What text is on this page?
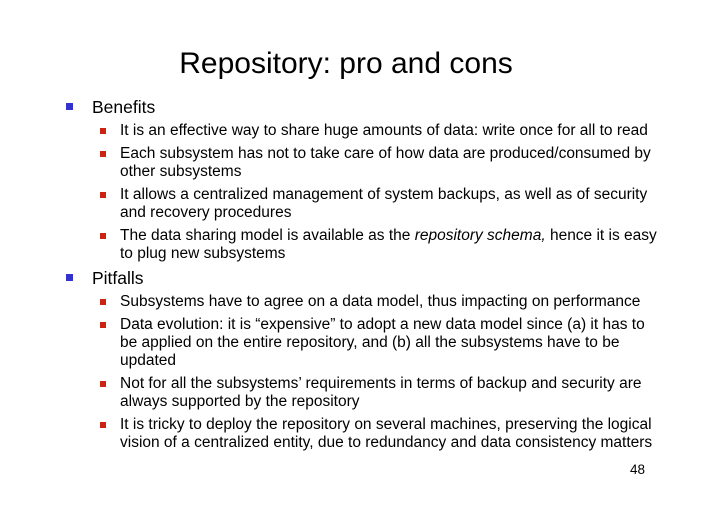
Repository: pro and cons
Benefits
It is an effective way to share huge amounts of data: write once for all to read
Each subsystem has not to take care of how data are produced/consumed by other subsystems
It allows a centralized management of system backups, as well as of security and recovery procedures
The data sharing model is available as the repository schema, hence it is easy to plug new subsystems
Pitfalls
Subsystems have to agree on a data model, thus impacting on performance
Data evolution: it is “expensive” to adopt a new data model since (a) it has to be applied on the entire repository, and (b) all the subsystems have to be updated
Not for all the subsystems’ requirements in terms of backup and security are always supported by the repository
It is tricky to deploy the repository on several machines, preserving the logical vision of a centralized entity, due to redundancy and data consistency matters
48
